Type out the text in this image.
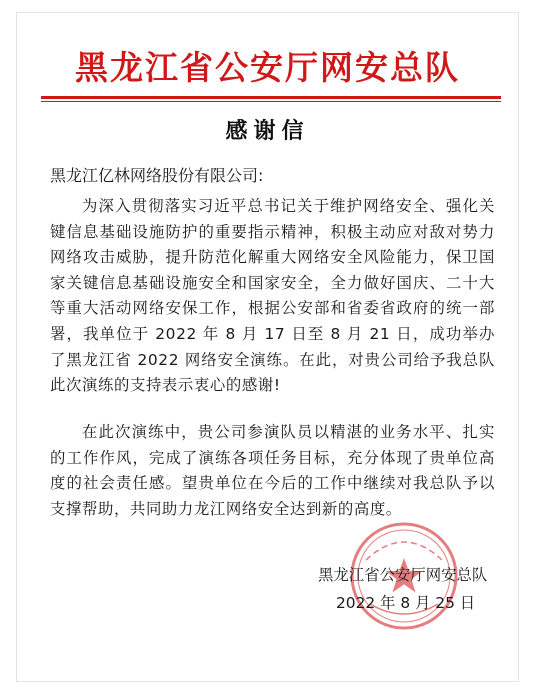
黑龙江省公安厅网安总队
感谢信
黑龙江亿林网络股份有限公司:

为深入贯彻落实习近平总书记关于维护网络安全、强化关键信息基础设施防护的重要指示精神，积极主动应对敌对势力网络攻击威胁，提升防范化解重大网络安全风险能力，保卫国家关键信息基础设施安全和国家安全，全力做好国庆、二十大等重大活动网络安保工作，根据公安部和省委省政府的统一部署，我单位于 2022 年 8 月 17 日至 8 月 21 日，成功举办了黑龙江省 2022 网络安全演练。在此，对贵公司给予我总队此次演练的支持表示衷心的感谢!

在此次演练中，贵公司参演队员以精湛的业务水平、扎实的工作作风，完成了演练各项任务目标，充分体现了贵单位高度的社会责任感。望贵单位在今后的工作中继续对我总队予以支撑帮助，共同助力龙江网络安全达到新的高度。

黑龙江省公安厅网安总队
2022 年 8 月 25 日
